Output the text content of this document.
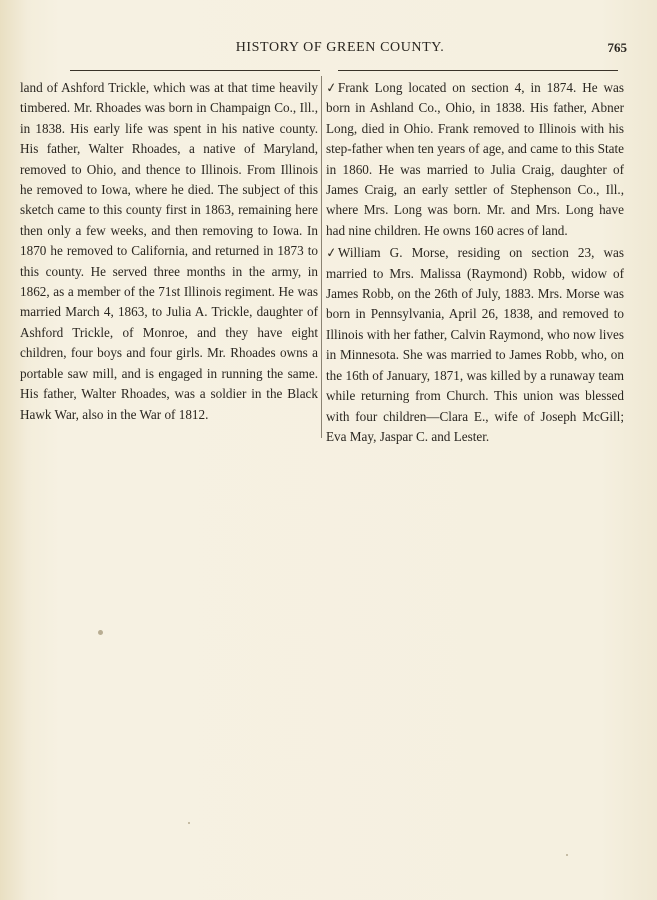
HISTORY OF GREEN COUNTY.	765

land of Ashford Trickle, which was at that time heavily timbered. Mr. Rhoades was born in Champaign Co., Ill., in 1838. His early life was spent in his native county. His father, Walter Rhoades, a native of Maryland, removed to Ohio, and thence to Illinois. From Illinois he removed to Iowa, where he died. The subject of this sketch came to this county first in 1863, remaining here then only a few weeks, and then removing to Iowa. In 1870 he removed to California, and returned in 1873 to this county. He served three months in the army, in 1862, as a member of the 71st Illinois regiment. He was married March 4, 1863, to Julia A. Trickle, daughter of Ashford Trickle, of Monroe, and they have eight children, four boys and four girls. Mr. Rhoades owns a portable saw mill, and is engaged in running the same. His father, Walter Rhoades, was a soldier in the Black Hawk War, also in the War of 1812.

✓Frank Long located on section 4, in 1874. He was born in Ashland Co., Ohio, in 1838. His father, Abner Long, died in Ohio. Frank removed to Illinois with his step-father when ten years of age, and came to this State in 1860. He was married to Julia Craig, daughter of James Craig, an early settler of Stephenson Co., Ill., where Mrs. Long was born. Mr. and Mrs. Long have had nine children. He owns 160 acres of land.

✓William G. Morse, residing on section 23, was married to Mrs. Malissa (Raymond) Robb, widow of James Robb, on the 26th of July, 1883. Mrs. Morse was born in Pennsylvania, April 26, 1838, and removed to Illinois with her father, Calvin Raymond, who now lives in Minnesota. She was married to James Robb, who, on the 16th of January, 1871, was killed by a runaway team while returning from Church. This union was blessed with four children—Clara E., wife of Joseph McGill; Eva May, Jaspar C. and Lester.
